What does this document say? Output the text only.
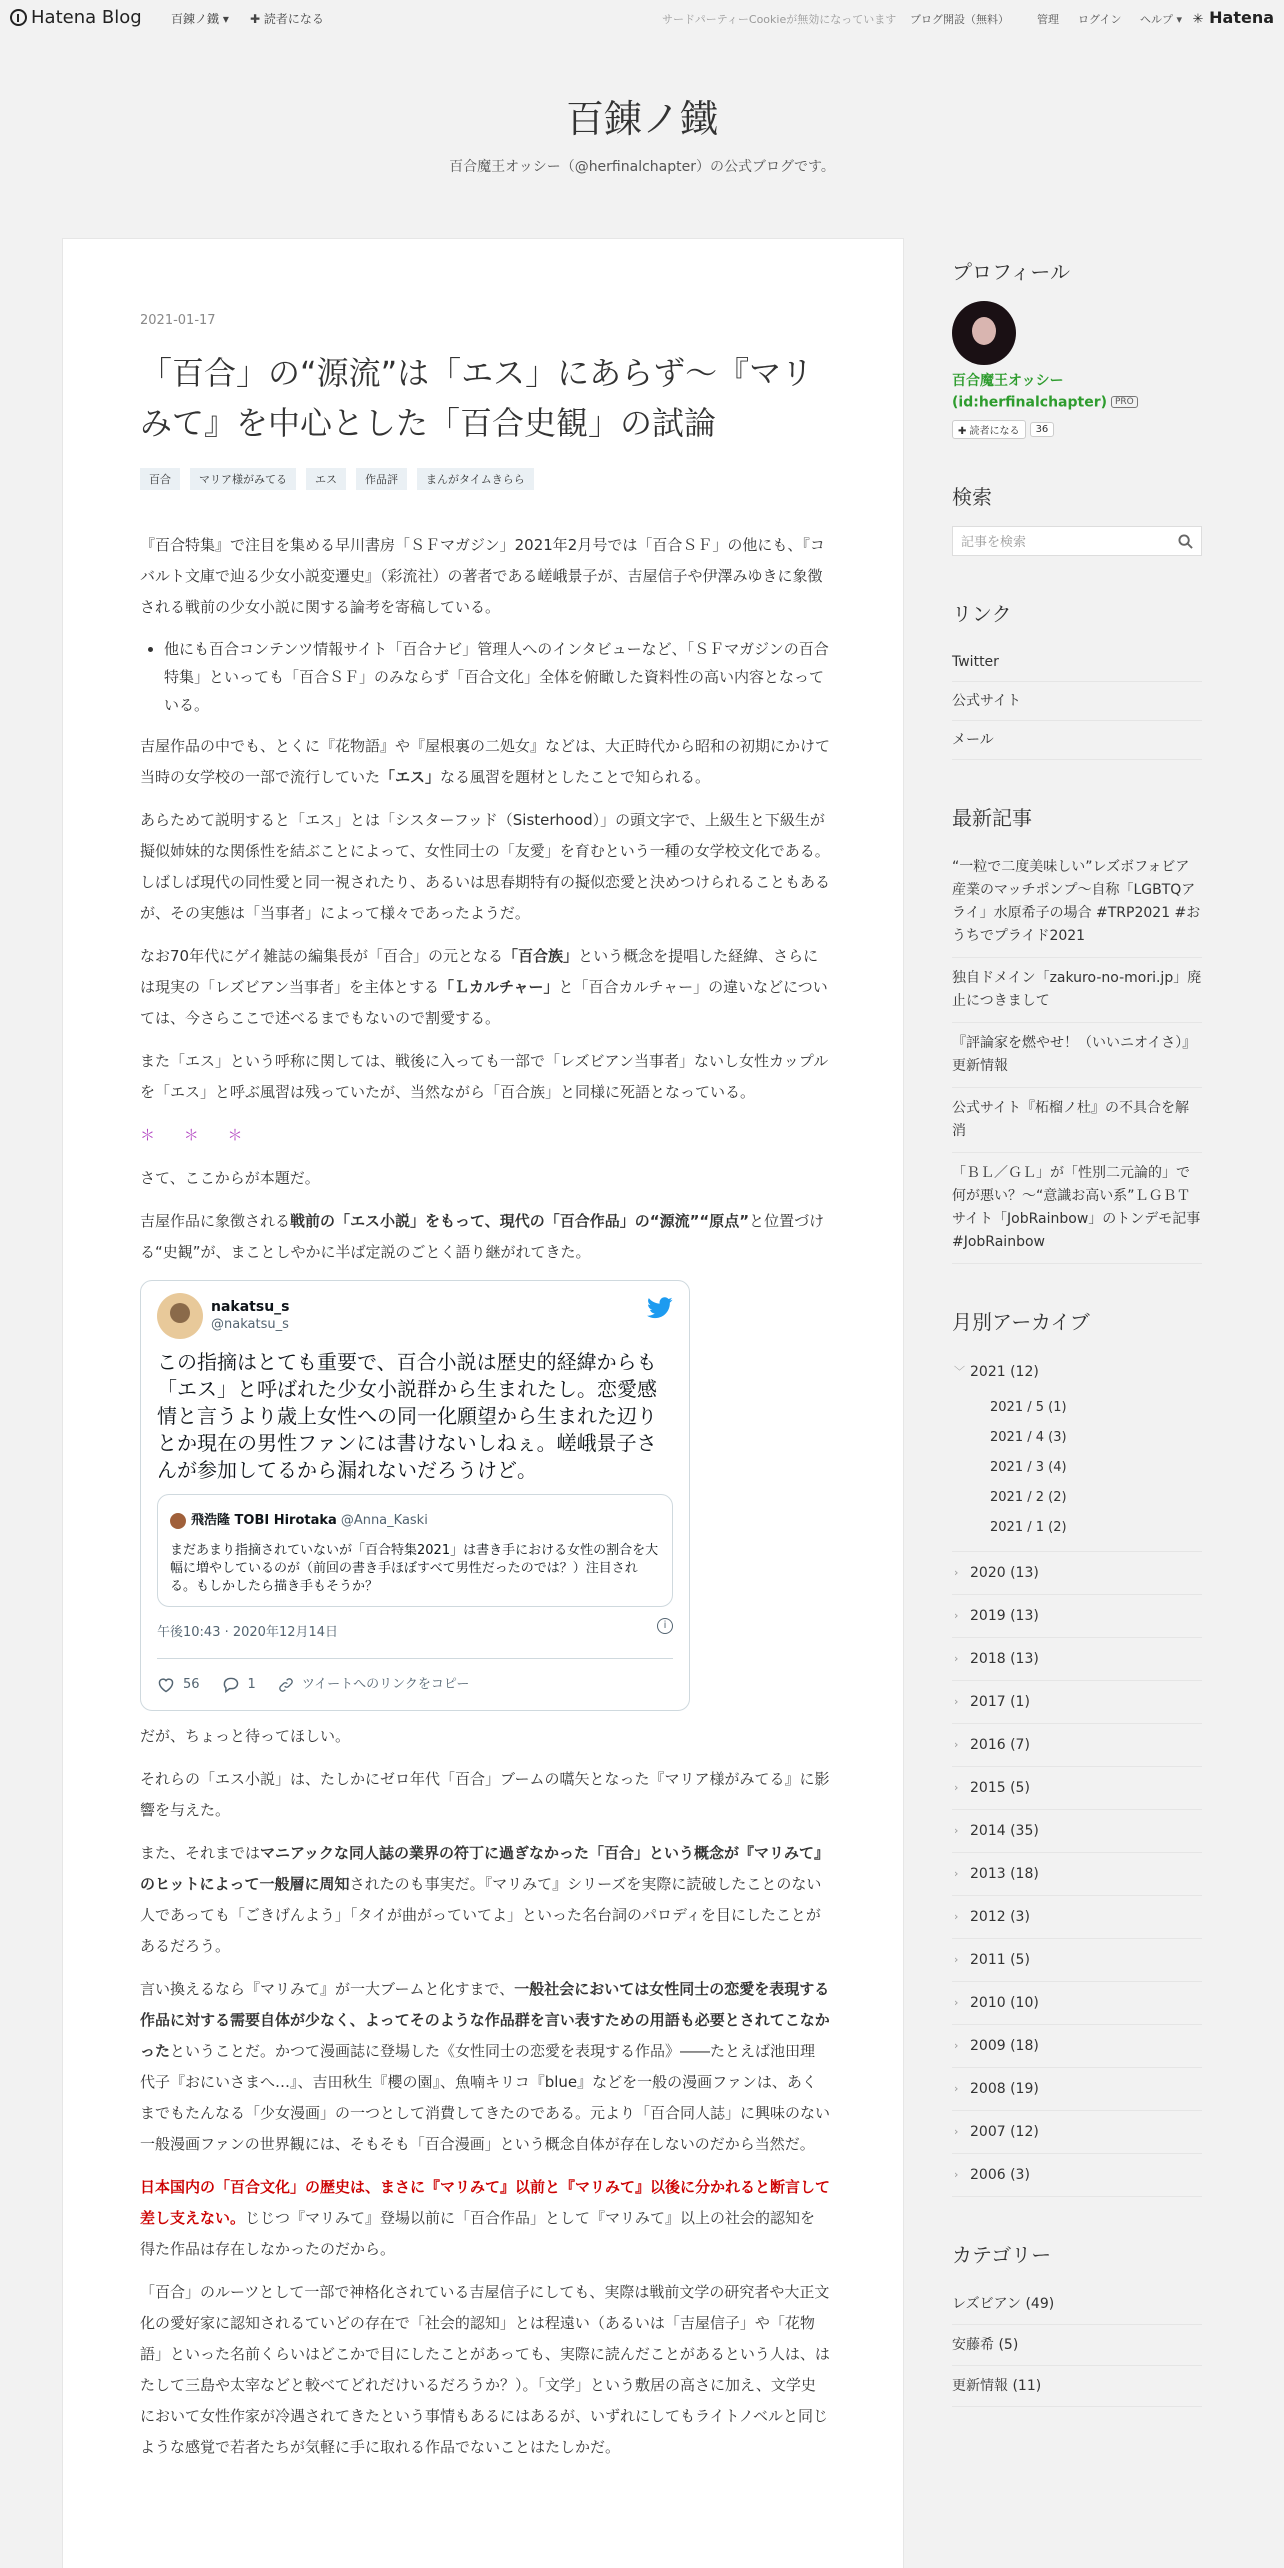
Hatena Blog 百錬ノ鐵 ▾ ✚ 読者になる	サードパーティーCookieが無効になっています ブログ開設（無料）	管理 ログイン ヘルプ ▾ ✳ Hatena
百錬ノ鐵
百合魔王オッシー（@herfinalchapter）の公式ブログです。
2021-01-17
「百合」の“源流”は「エス」にあらず～『マリみて』を中心とした「百合史観」の試論
百合	マリア様がみてる	エス	作品評	まんがタイムきらら

『百合特集』で注目を集める早川書房「ＳＦマガジン」2021年2月号では「百合ＳＦ」の他にも、『コバルト文庫で辿る少女小説変遷史』（彩流社）の著者である嵯峨景子が、吉屋信子や伊澤みゆきに象徴される戦前の少女小説に関する論考を寄稿している。

• 他にも百合コンテンツ情報サイト「百合ナビ」管理人へのインタビューなど、「ＳＦマガジンの百合特集」といっても「百合ＳＦ」のみならず「百合文化」全体を俯瞰した資料性の高い内容となっている。

吉屋作品の中でも、とくに『花物語』や『屋根裏の二処女』などは、大正時代から昭和の初期にかけて当時の女学校の一部で流行していた「エス」なる風習を題材としたことで知られる。

あらためて説明すると「エス」とは「シスターフッド（Sisterhood）」の頭文字で、上級生と下級生が擬似姉妹的な関係性を結ぶことによって、女性同士の「友愛」を育むという一種の女学校文化である。しばしば現代の同性愛と同一視されたり、あるいは思春期特有の擬似恋愛と決めつけられることもあるが、その実態は「当事者」によって様々であったようだ。

なお70年代にゲイ雑誌の編集長が「百合」の元となる「百合族」という概念を提唱した経緯、さらには現実の「レズビアン当事者」を主体とする「Ｌカルチャー」と「百合カルチャー」の違いなどについては、今さらここで述べるまでもないので割愛する。

また「エス」という呼称に関しては、戦後に入っても一部で「レズビアン当事者」ないし女性カップルを「エス」と呼ぶ風習は残っていたが、当然ながら「百合族」と同様に死語となっている。

＊ ＊ ＊

さて、ここからが本題だ。

吉屋作品に象徴される戦前の「エス小説」をもって、現代の「百合作品」の“源流”“原点”と位置づける“史観”が、まことしやかに半ば定説のごとく語り継がれてきた。

nakatsu_s
@nakatsu_s
この指摘はとても重要で、百合小説は歴史的経緯からも「エス」と呼ばれた少女小説群から生まれたし。恋愛感情と言うより歳上女性への同一化願望から生まれた辺りとか現在の男性ファンには書けないしねぇ。嵯峨景子さんが参加してるから漏れないだろうけど。
飛浩隆 TOBI Hirotaka @Anna_Kaski
まだあまり指摘されていないが「百合特集2021」は書き手における女性の割合を大幅に増やしているのが（前回の書き手ほぼすべて男性だったのでは？）注目される。もしかしたら描き手もそうか？
午後10:43 · 2020年12月14日	i
56	1	ツイートへのリンクをコピー

だが、ちょっと待ってほしい。

それらの「エス小説」は、たしかにゼロ年代「百合」ブームの嚆矢となった『マリア様がみてる』に影響を与えた。

また、それまではマニアックな同人誌の業界の符丁に過ぎなかった「百合」という概念が『マリみて』のヒットによって一般層に周知されたのも事実だ。『マリみて』シリーズを実際に読破したことのない人であっても「ごきげんよう」「タイが曲がっていてよ」といった名台詞のパロディを目にしたことがあるだろう。

言い換えるなら『マリみて』が一大ブームと化すまで、一般社会においては女性同士の恋愛を表現する作品に対する需要自体が少なく、よってそのような作品群を言い表すための用語も必要とされてこなかったということだ。かつて漫画誌に登場した《女性同士の恋愛を表現する作品》――たとえば池田理代子『おにいさまへ…』、吉田秋生『櫻の園』、魚喃キリコ『blue』などを一般の漫画ファンは、あくまでもたんなる「少女漫画」の一つとして消費してきたのである。元より「百合同人誌」に興味のない一般漫画ファンの世界観には、そもそも「百合漫画」という概念自体が存在しないのだから当然だ。

日本国内の「百合文化」の歴史は、まさに『マリみて』以前と『マリみて』以後に分かれると断言して差し支えない。じじつ『マリみて』登場以前に「百合作品」として『マリみて』以上の社会的認知を得た作品は存在しなかったのだから。

「百合」のルーツとして一部で神格化されている吉屋信子にしても、実際は戦前文学の研究者や大正文化の愛好家に認知されるていどの存在で「社会的認知」とは程遠い（あるいは「吉屋信子」や「花物語」といった名前くらいはどこかで目にしたことがあっても、実際に読んだことがあるという人は、はたして三島や太宰などと較べてどれだけいるだろうか？）。「文学」という敷居の高さに加え、文学史において女性作家が冷遇されてきたという事情もあるにはあるが、いずれにしてもライトノベルと同じような感覚で若者たちが気軽に手に取れる作品でないことはたしかだ。

プロフィール
百合魔王オッシー
(id:herfinalchapter) PRO
✚ 読者になる	36
検索
記事を検索
リンク
Twitter
公式サイト
メール
最新記事
“一粒で二度美味しい”レズボフォビア産業のマッチポンプ～自称「LGBTQアライ」水原希子の場合 #TRP2021 #おうちでプライド2021
独自ドメイン「zakuro-no-mori.jp」廃止につきまして
『評論家を燃やせ！（いいニオイさ）』更新情報
公式サイト『柘榴ノ杜』の不具合を解消
「ＢＬ／ＧＬ」が「性別二元論的」で何が悪い？～“意識お高い系”ＬＧＢＴサイト「JobRainbow」のトンデモ記事 #JobRainbow
月別アーカイブ
﹀ 2021 (12)
2021 / 5 (1)
2021 / 4 (3)
2021 / 3 (4)
2021 / 2 (2)
2021 / 1 (2)
› 2020 (13)
› 2019 (13)
› 2018 (13)
› 2017 (1)
› 2016 (7)
› 2015 (5)
› 2014 (35)
› 2013 (18)
› 2012 (3)
› 2011 (5)
› 2010 (10)
› 2009 (18)
› 2008 (19)
› 2007 (12)
› 2006 (3)
カテゴリー
レズビアン (49)
安藤希 (5)
更新情報 (11)
